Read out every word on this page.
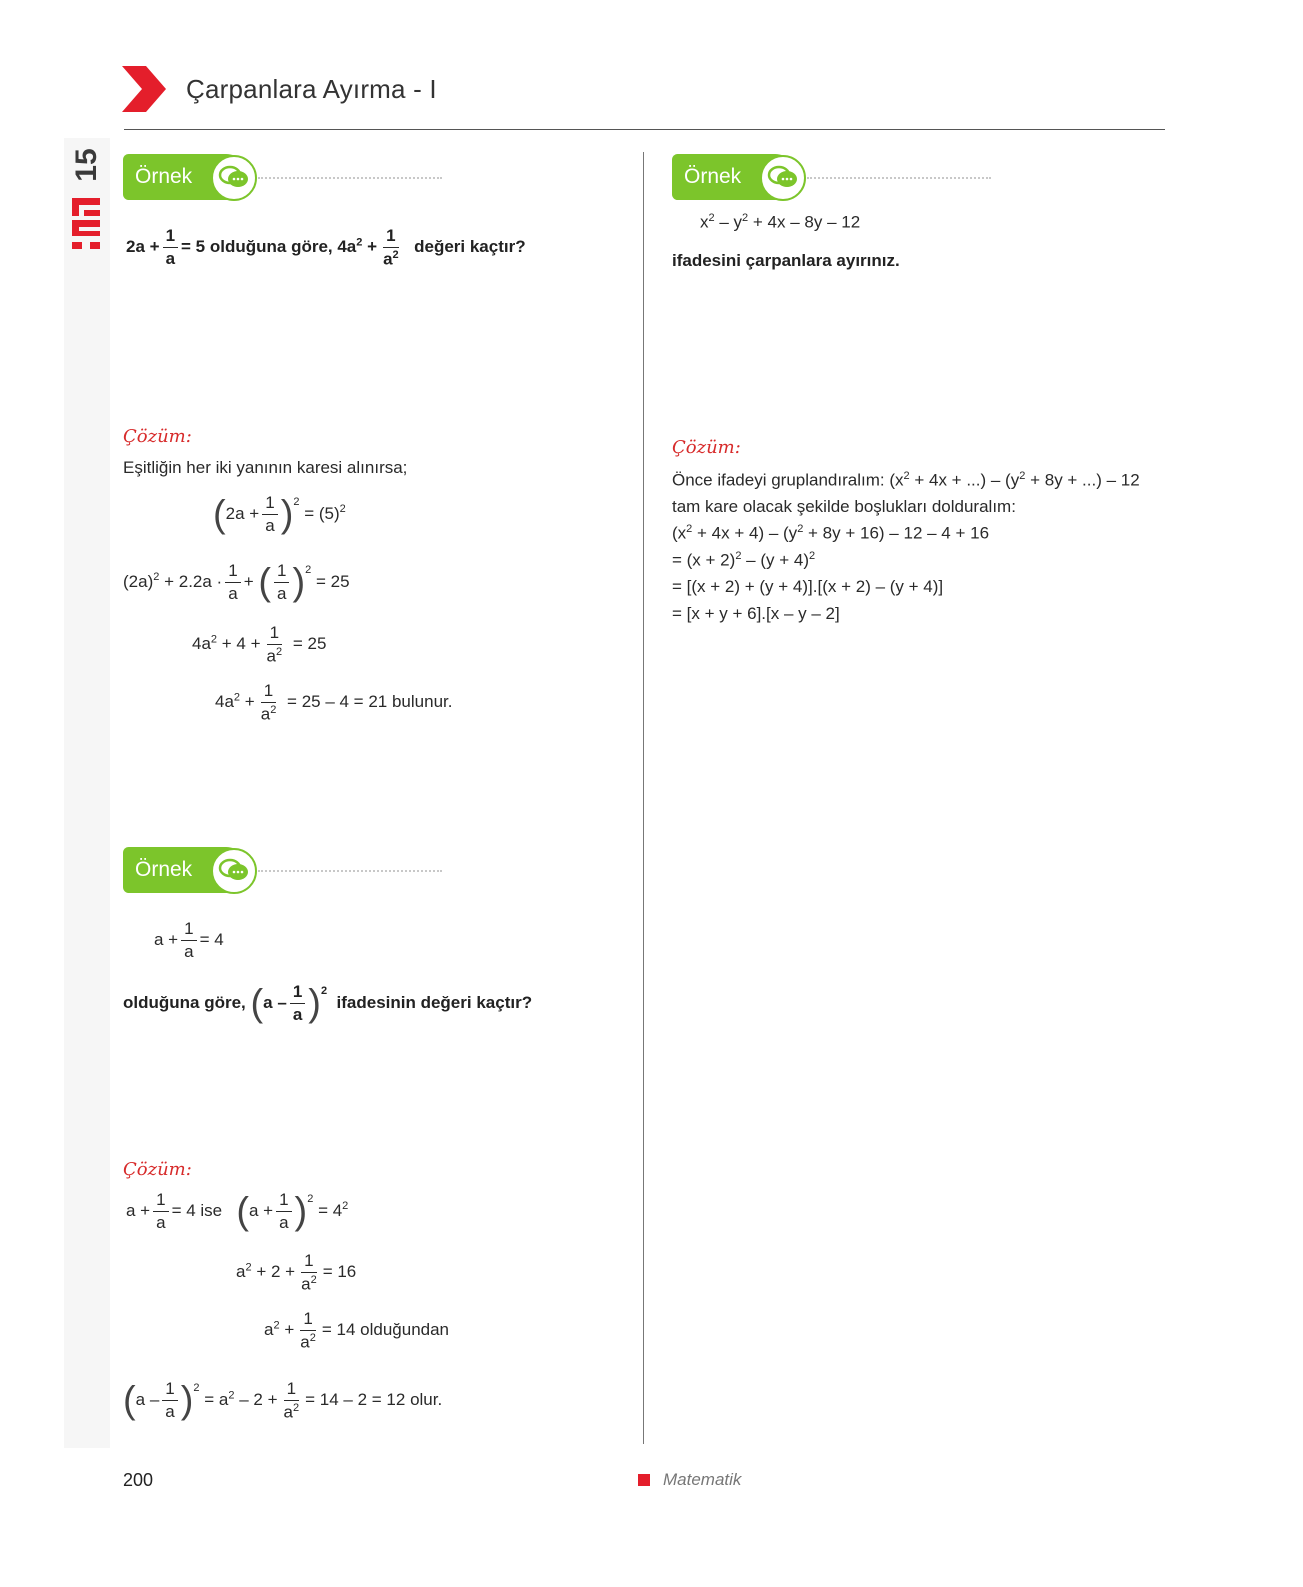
15
Çarpanlara Ayırma - I
Örnek
$2a + \frac{1}{a} = 5$ olduğuna göre, $4a^2 + \frac{1}{a^2}$ değeri kaçtır?
Çözüm:
Eşitliğin her iki yanının karesi alınırsa;
$(2a + \frac{1}{a} )^2 = (5)^2$
$(2a)^2 + 2.2a \cdot \frac{1}{a}$ + ( $\frac{1}{a} )^2 = 25$
$4a^2 + 4 + \frac{1}{a^2} = 25$
$4a^2 + \frac{1}{a^2} = 25 - 4 = 21$ bulunur.
Örnek
$a + \frac{1}{a} = 4$
olduğuna göre, $(a - \frac{1}{a} )^2$  ifadesinin değeri kaçtır?
Çözüm:
$a + \frac{1}{a} = 4$ ise $(a + \frac{1}{a} )^2 = 4^2$
$a^2 + 2 + \frac{1}{a^2} = 16$
$a^2 + \frac{1}{a^2} = 14$ olduğundan
$(a - \frac{1}{a} )^2 = a^2 - 2 + \frac{1}{a^2} = 14 - 2 = 12$ olur.
Örnek
$x^2 - y^2 + 4x - 8y - 12$
ifadesini çarpanlara ayırınız.
Çözüm:
Önce ifadeyi gruplandıralım: ($x^2 + 4x$ + ...) – ($y^2 + 8y$ + ...) – 12
tam kare olacak şekilde boşlukları dolduralım:
$(x^2 + 4x + 4) - (y^2 + 8y + 16) - 12 - 4 + 16$
= $(x + 2)^2 - (y + 4)^2$
= [(x + 2) + (y + 4)].[(x + 2) – (y + 4)]
= [x + y + 6].[x – y – 2]
200	Matematik
